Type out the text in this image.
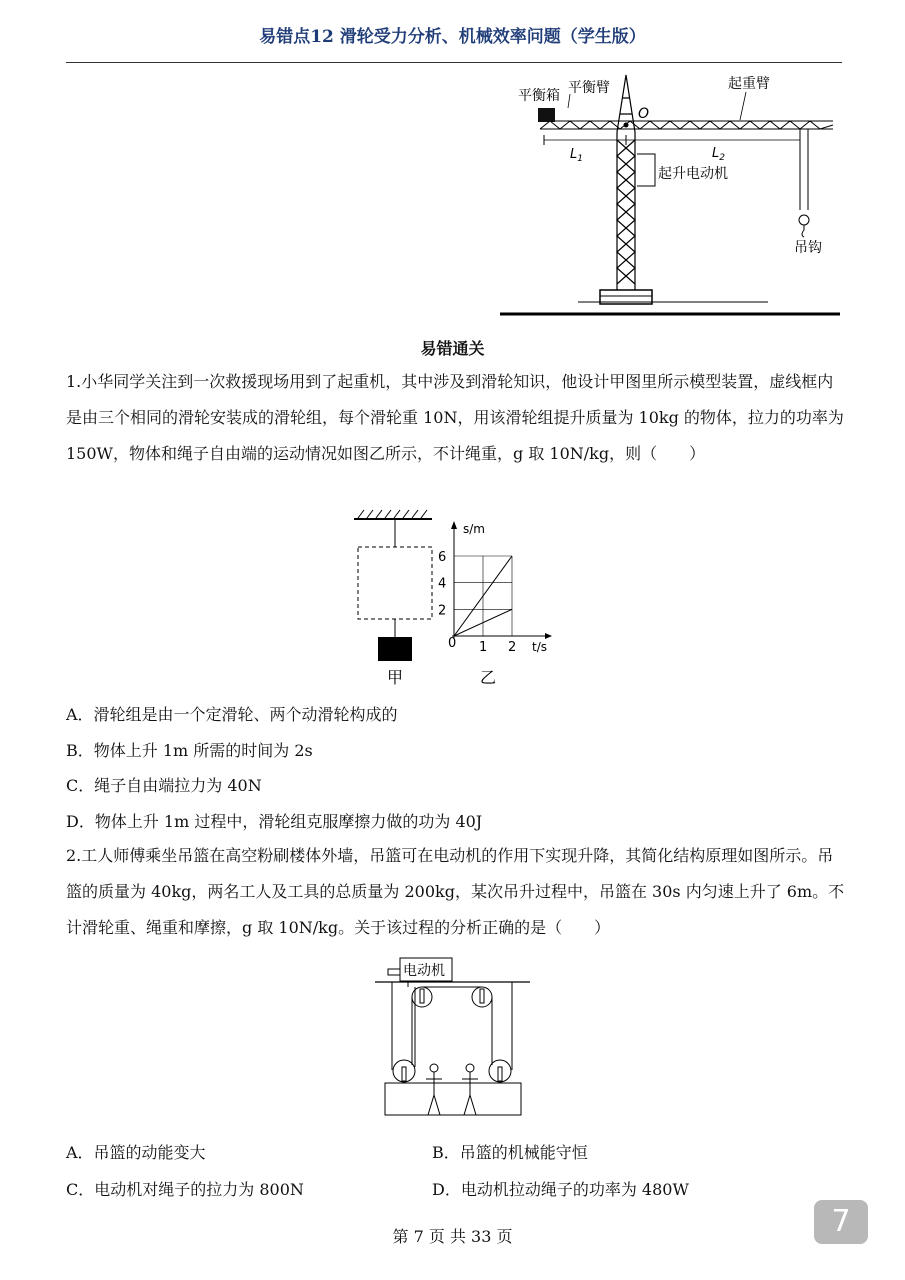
易错点12 滑轮受力分析、机械效率问题（学生版）
平衡箱 平衡臂
O
起重臂
$L_1$	$L_2$
起升电动机
吊钩
易错通关
1.小华同学关注到一次救援现场用到了起重机，其中涉及到滑轮知识，他设计甲图里所示模型装置，虚线框内是由三个相同的滑轮安装成的滑轮组，每个滑轮重 10N，用该滑轮组提升质量为 10kg 的物体，拉力的功率为 150W，物体和绳子自由端的运动情况如图乙所示，不计绳重，g 取 10N/kg，则（　　）
甲
1 2
2
4
6
s/m
t/s
0
乙
A．滑轮组是由一个定滑轮、两个动滑轮构成的
B．物体上升 1m 所需的时间为 2s
C．绳子自由端拉力为 40N
D．物体上升 1m 过程中，滑轮组克服摩擦力做的功为 40J
2.工人师傅乘坐吊篮在高空粉刷楼体外墙，吊篮可在电动机的作用下实现升降，其简化结构原理如图所示。吊篮的质量为 40kg，两名工人及工具的总质量为 200kg，某次吊升过程中，吊篮在 30s 内匀速上升了 6m。不计滑轮重、绳重和摩擦，g 取 10N/kg。关于该过程的分析正确的是（　　）
电动机
A．吊篮的动能变大	B．吊篮的机械能守恒
C．电动机对绳子的拉力为 800N	D．电动机拉动绳子的功率为 480W
第 7 页 共 33 页	7
